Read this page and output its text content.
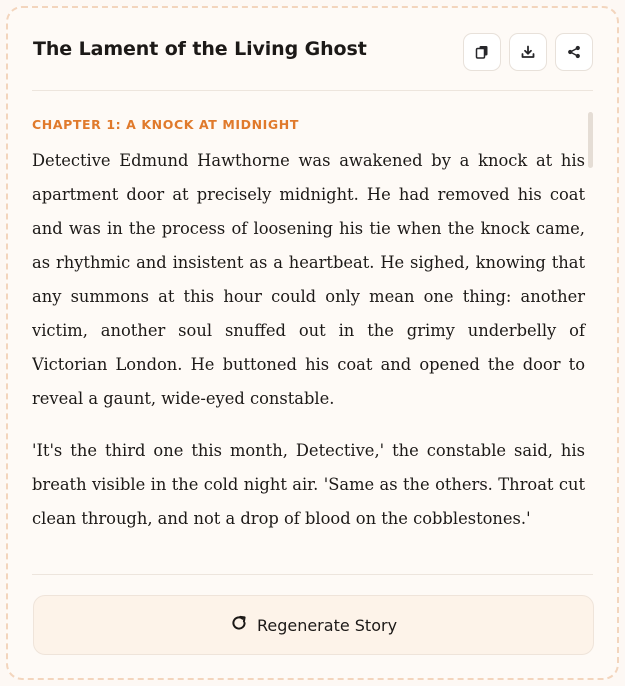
The Lament of the Living Ghost
CHAPTER 1: A KNOCK AT MIDNIGHT

Detective Edmund Hawthorne was awakened by a knock at his apartment door at precisely midnight. He had removed his coat and was in the process of loosening his tie when the knock came, as rhythmic and insistent as a heartbeat. He sighed, knowing that any summons at this hour could only mean one thing: another victim, another soul snuffed out in the grimy underbelly of Victorian London. He buttoned his coat and opened the door to reveal a gaunt, wide-eyed constable.

'It's the third one this month, Detective,' the constable said, his breath visible in the cold night air. 'Same as the others. Throat cut clean through, and not a drop of blood on the cobblestones.'

Regenerate Story
